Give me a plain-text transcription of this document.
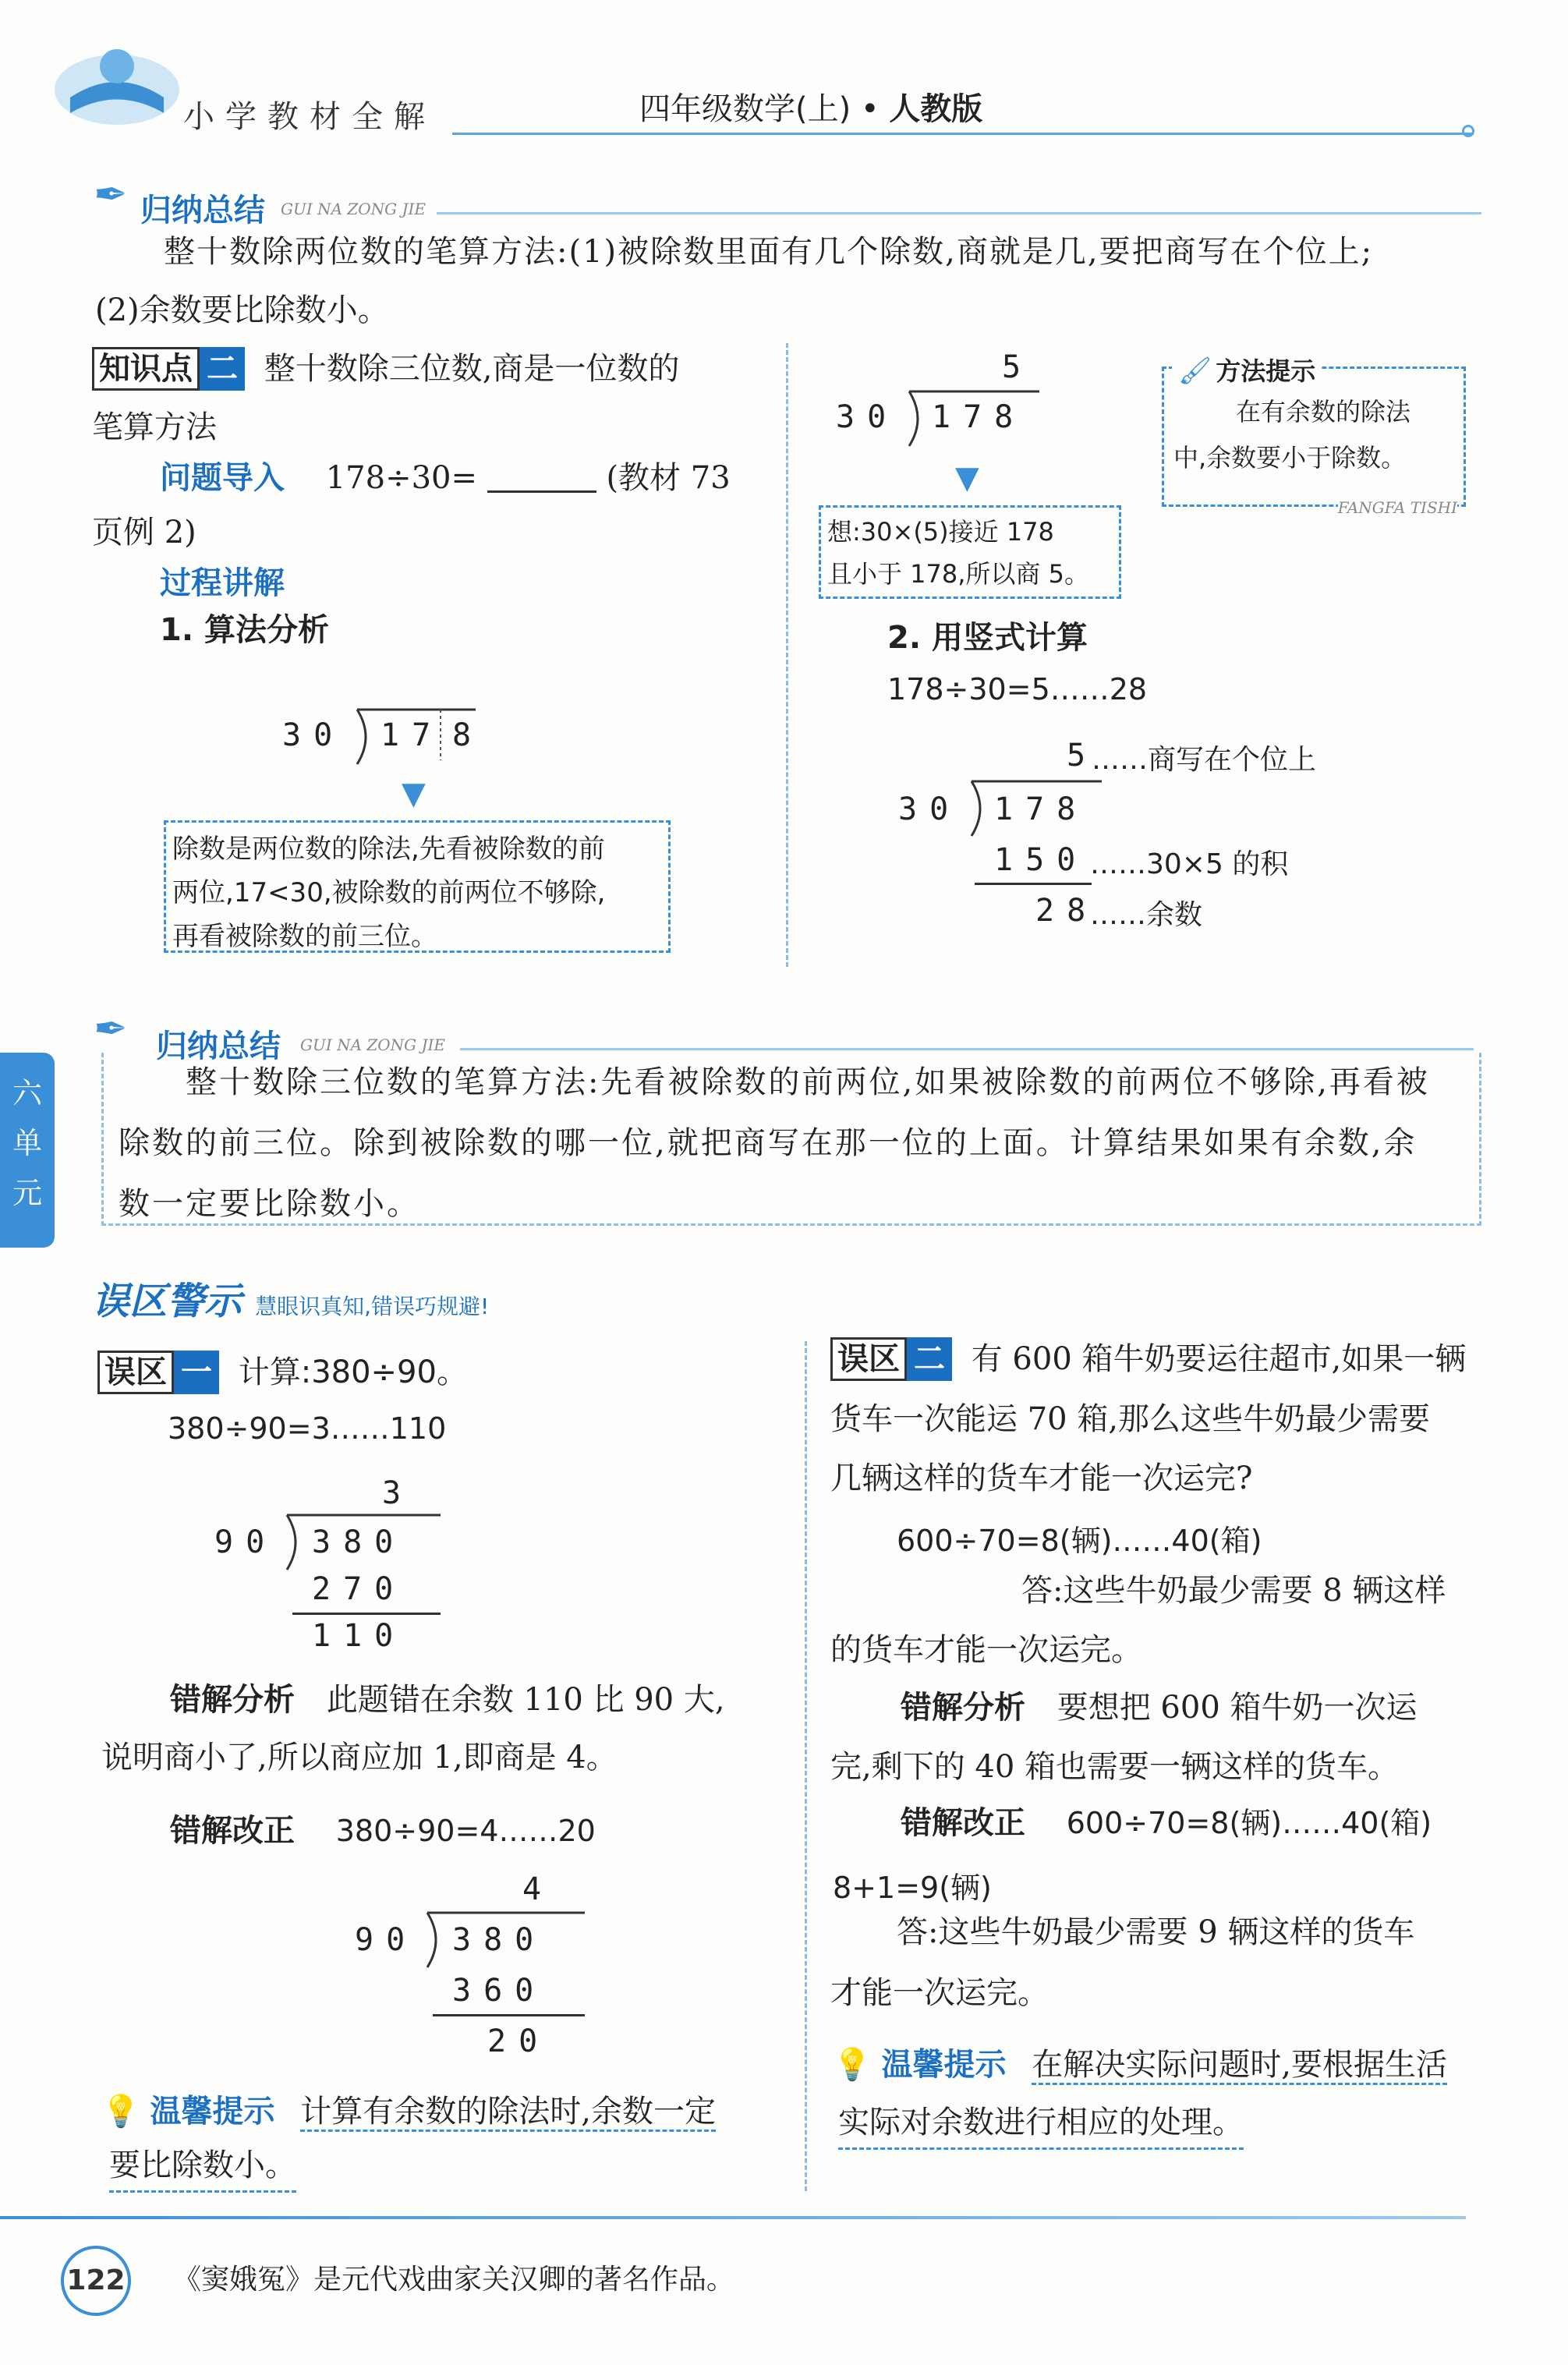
小学教材全解	四年级数学(上) • 人教版
✒ 归纳总结 GUI NA ZONG JIE
整十数除两位数的笔算方法:(1)被除数里面有几个除数,商就是几,要把商写在个位上;
(2)余数要比除数小。
知识点 二 整十数除三位数,商是一位数的
笔算方法
问题导入 178÷30=	(教材 73
页例 2)
过程讲解
1. 算法分析
30 17 8
▼
除数是两位数的除法,先看被除数的前
两位,17<30,被除数的前两位不够除,
再看被除数的前三位。
5
30 178
▼
想:30×(5)接近 178
且小于 178,所以商 5。
🖌 方法提示
在有余数的除法
中,余数要小于除数。
FANGFA TISHI
2. 用竖式计算
178÷30=5……28
5
……商写在个位上
30 178
150 ……30×5 的积
28
……余数
✒ 归纳总结 GUI NA ZONG JIE
整十数除三位数的笔算方法:先看被除数的前两位,如果被除数的前两位不够除,再看被
除数的前三位。除到被除数的哪一位,就把商写在那一位的上面。计算结果如果有余数,余
数一定要比除数小。
六
单
元
误区警示 慧眼识真知,错误巧规避!
误区 一 计算:380÷90。
380÷90=3……110
3
90 380
270
110
错解分析 此题错在余数 110 比 90 大,
说明商小了,所以商应加 1,即商是 4。
错解改正 380÷90=4……20
4
90 380
360
20
💡 温馨提示 计算有余数的除法时,余数一定
要比除数小。
误区 二 有 600 箱牛奶要运往超市,如果一辆
货车一次能运 70 箱,那么这些牛奶最少需要
几辆这样的货车才能一次运完?
600÷70=8(辆)……40(箱)
答:这些牛奶最少需要 8 辆这样
的货车才能一次运完。
错解分析 要想把 600 箱牛奶一次运
完,剩下的 40 箱也需要一辆这样的货车。
错解改正 600÷70=8(辆)……40(箱)
8+1=9(辆)
答:这些牛奶最少需要 9 辆这样的货车
才能一次运完。
💡 温馨提示 在解决实际问题时,要根据生活
实际对余数进行相应的处理。
122 《窦娥冤》是元代戏曲家关汉卿的著名作品。
